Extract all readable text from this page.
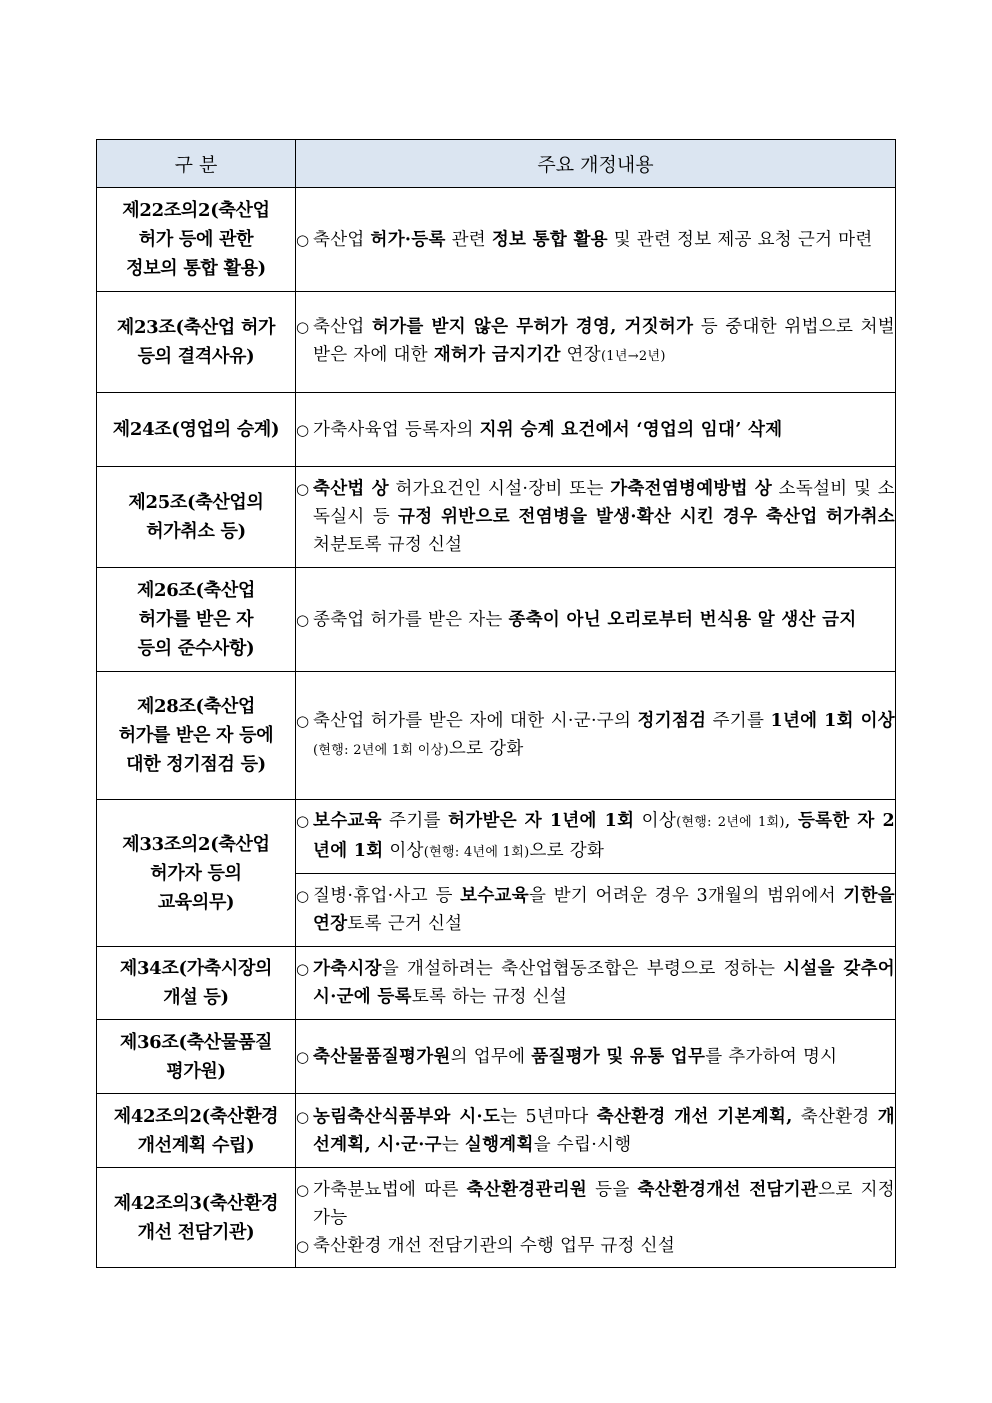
구 분	주요 개정내용
제22조의2(축산업
허가 등에 관한
정보의 통합 활용)	○ 축산업 허가·등록 관련 정보 통합 활용 및 관련 정보 제공 요청 근거 마련

제23조(축산업 허가
등의 결격사유)	○ 축산업 허가를 받지 않은 무허가 경영, 거짓허가 등 중대한 위법으로 처벌 받은 자에 대한 재허가 금지기간 연장(1년→2년)

제24조(영업의 승계)	○ 가축사육업 등록자의 지위 승계 요건에서 ‘영업의 임대’ 삭제

제25조(축산업의
허가취소 등)	○ 축산법 상 허가요건인 시설·장비 또는 가축전염병예방법 상 소독설비 및 소독실시 등 규정 위반으로 전염병을 발생·확산 시킨 경우 축산업 허가취소 처분토록 규정 신설

제26조(축산업
허가를 받은 자
등의 준수사항)	○ 종축업 허가를 받은 자는 종축이 아닌 오리로부터 번식용 알 생산 금지

제28조(축산업
허가를 받은 자 등에
대한 정기점검 등)	○ 축산업 허가를 받은 자에 대한 시·군·구의 정기점검 주기를 1년에 1회 이상(현행: 2년에 1회 이상)으로 강화

제33조의2(축산업
허가자 등의
교육의무)	○ 보수교육 주기를 허가받은 자 1년에 1회 이상(현행: 2년에 1회), 등록한 자 2년에 1회 이상(현행: 4년에 1회)으로 강화

	○ 질병·휴업·사고 등 보수교육을 받기 어려운 경우 3개월의 범위에서 기한을 연장토록 근거 신설

제34조(가축시장의
개설 등)	○ 가축시장을 개설하려는 축산업협동조합은 부령으로 정하는 시설을 갖추어 시·군에 등록토록 하는 규정 신설

제36조(축산물품질
평가원)	○ 축산물품질평가원의 업무에 품질평가 및 유통 업무를 추가하여 명시

제42조의2(축산환경
개선계획 수립)	○ 농림축산식품부와 시·도는 5년마다 축산환경 개선 기본계획, 축산환경 개선계획, 시·군·구는 실행계획을 수립·시행

제42조의3(축산환경
개선 전담기관)	○ 가축분뇨법에 따른 축산환경관리원 등을 축산환경개선 전담기관으로 지정 가능
○ 축산환경 개선 전담기관의 수행 업무 규정 신설
